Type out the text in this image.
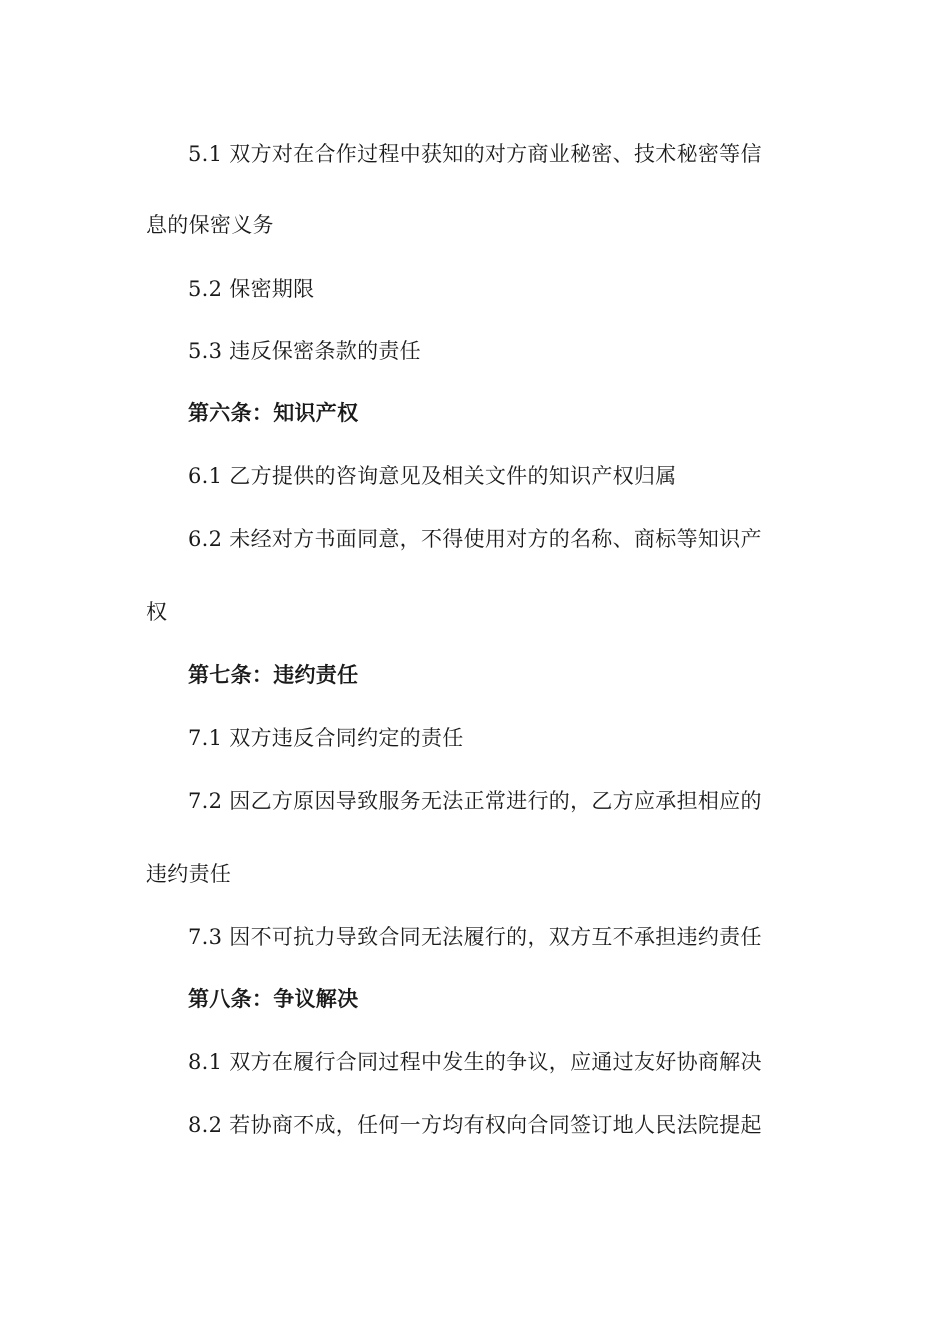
5.1 双方对在合作过程中获知的对方商业秘密、技术秘密等信
息的保密义务
5.2 保密期限
5.3 违反保密条款的责任
第六条：知识产权
6.1 乙方提供的咨询意见及相关文件的知识产权归属
6.2 未经对方书面同意，不得使用对方的名称、商标等知识产
权
第七条：违约责任
7.1 双方违反合同约定的责任
7.2 因乙方原因导致服务无法正常进行的，乙方应承担相应的
违约责任
7.3 因不可抗力导致合同无法履行的，双方互不承担违约责任
第八条：争议解决
8.1 双方在履行合同过程中发生的争议，应通过友好协商解决
8.2 若协商不成，任何一方均有权向合同签订地人民法院提起
